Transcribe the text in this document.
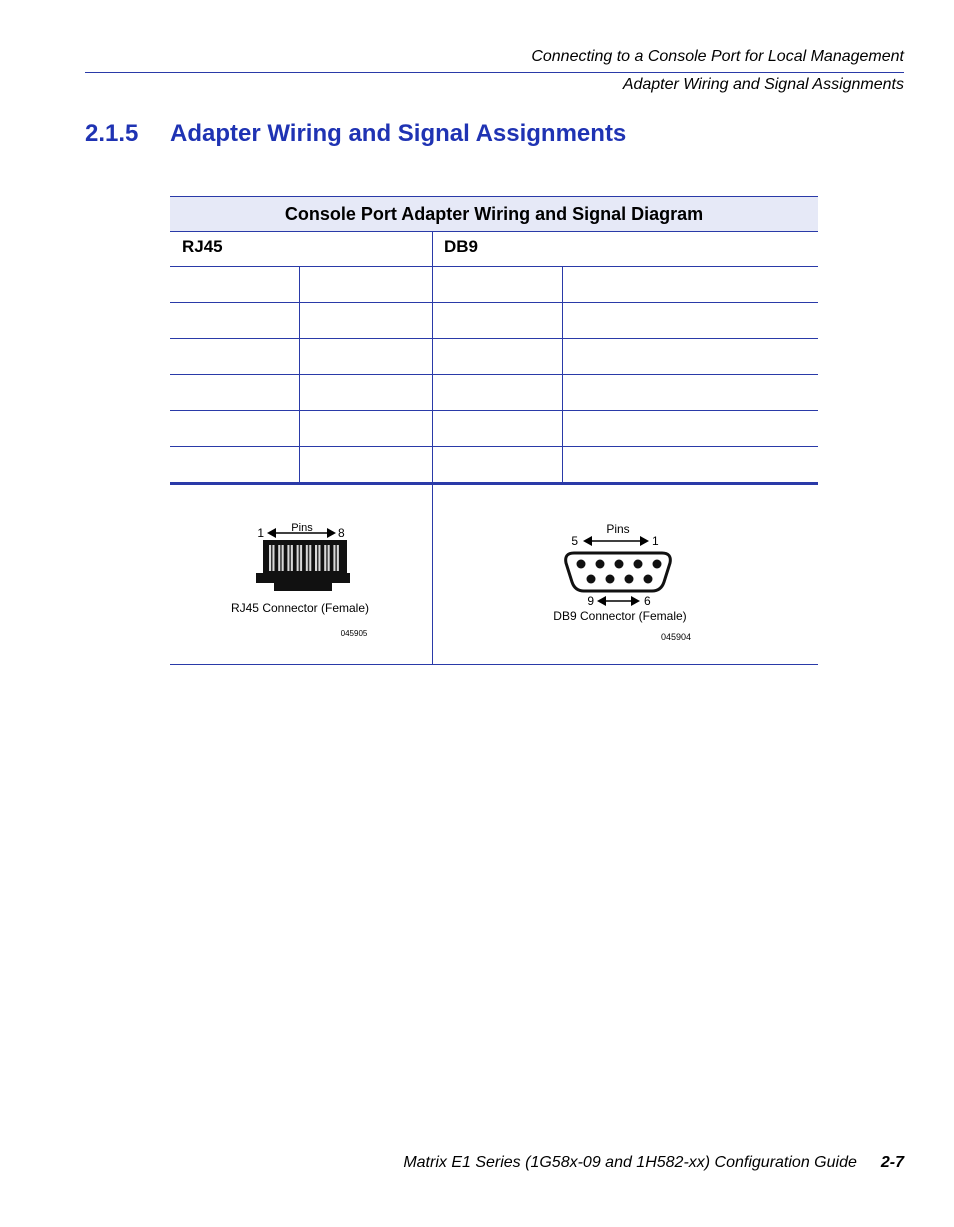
Connecting to a Console Port for Local Management
Adapter Wiring and Signal Assignments
2.1.5 Adapter Wiring and Signal Assignments
Console Port Adapter Wiring and Signal Diagram
RJ45	DB9
Pins
1	8
RJ45 Connector (Female)
045905
Pins
5	1
9	6
DB9 Connector (Female)
045904
Matrix E1 Series (1G58x-09 and 1H582-xx) Configuration Guide 2-7
